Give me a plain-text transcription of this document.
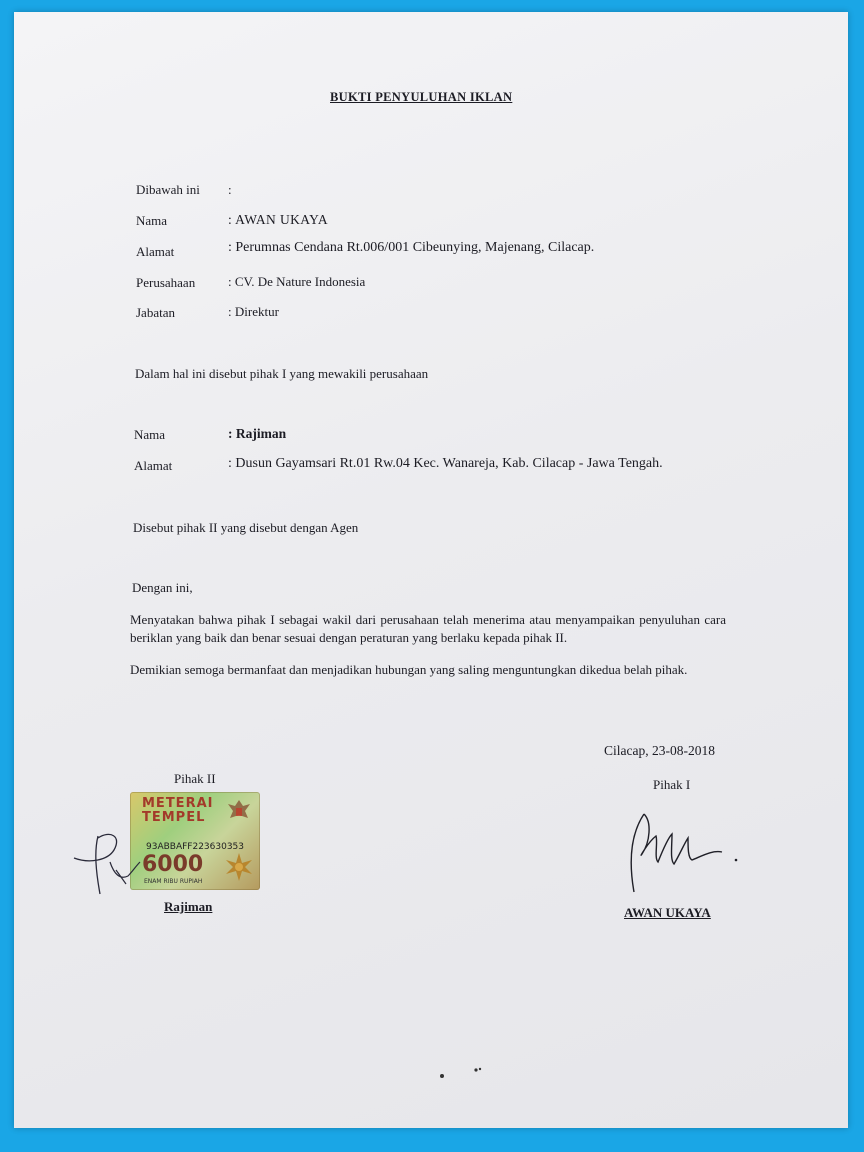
BUKTI PENYULUHAN IKLAN
Dibawah ini :
Nama	: AWAN UKAYA
Alamat	: Perumnas Cendana Rt.006/001 Cibeunying, Majenang, Cilacap.
Perusahaan	: CV. De Nature Indonesia
Jabatan	: Direktur
Dalam hal ini disebut pihak I yang mewakili perusahaan
Nama	: Rajiman
Alamat	: Dusun Gayamsari Rt.01 Rw.04 Kec. Wanareja, Kab. Cilacap - Jawa Tengah.
Disebut pihak II yang disebut dengan Agen
Dengan ini,
Menyatakan bahwa pihak I sebagai wakil dari perusahaan telah menerima atau menyampaikan penyuluhan cara beriklan yang baik dan benar sesuai dengan peraturan yang berlaku kepada pihak II.
Demikian semoga bermanfaat dan menjadikan hubungan yang saling menguntungkan dikedua belah pihak.
Cilacap, 23-08-2018
Pihak II
METERAI
TEMPEL
93ABBAFF223630353
6000
ENAM RIBU RUPIAH
Rajiman
Pihak I
AWAN UKAYA
